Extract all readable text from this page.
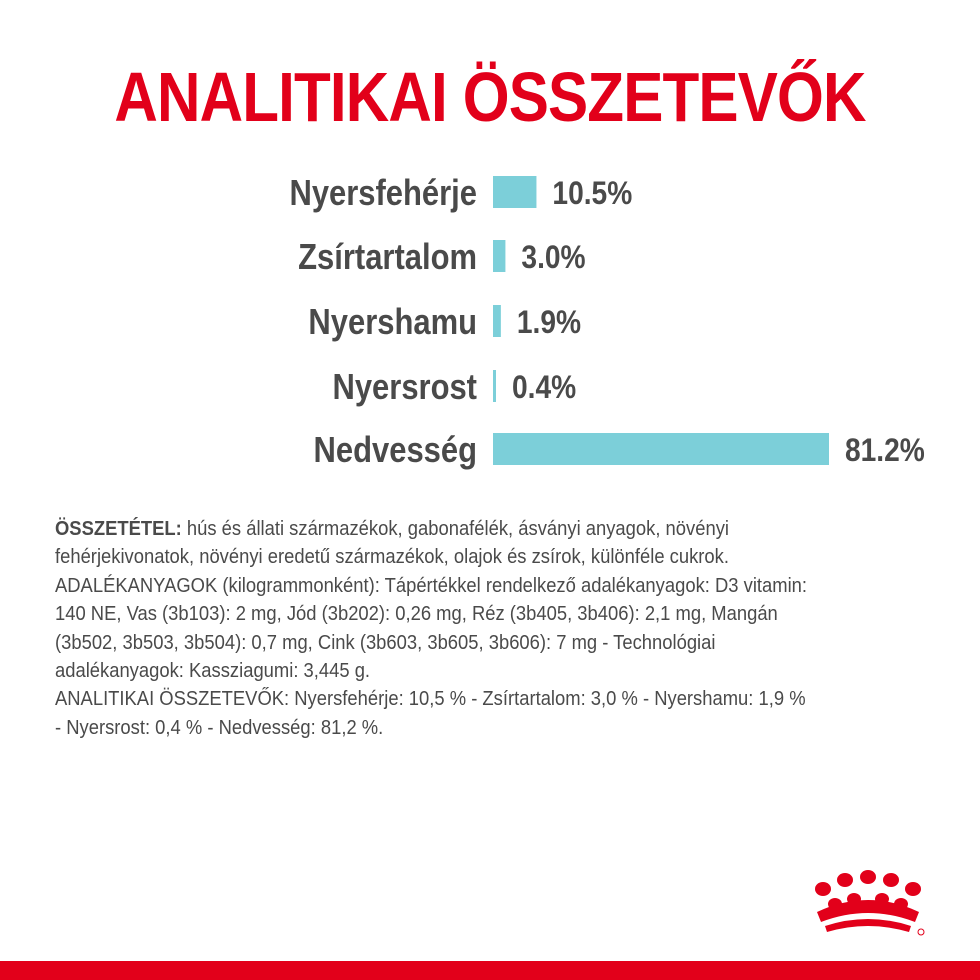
ANALITIKAI ÖSSZETEVŐK
Nyersfehérje 10.5%
Zsírtartalom 3.0%
Nyershamu 1.9%
Nyersrost 0.4%
Nedvesség	81.2%
ÖSSZETÉTEL: hús és állati származékok, gabonafélék, ásványi anyagok, növényi
fehérjekivonatok, növényi eredetű származékok, olajok és zsírok, különféle cukrok.
ADALÉKANYAGOK (kilogrammonként): Tápértékkel rendelkező adalékanyagok: D3 vitamin:
140 NE, Vas (3b103): 2 mg, Jód (3b202): 0,26 mg, Réz (3b405, 3b406): 2,1 mg, Mangán
(3b502, 3b503, 3b504): 0,7 mg, Cink (3b603, 3b605, 3b606): 7 mg - Technológiai
adalékanyagok: Kassziagumi: 3,445 g.
ANALITIKAI ÖSSZETEVŐK: Nyersfehérje: 10,5 % - Zsírtartalom: 3,0 % - Nyershamu: 1,9 %
- Nyersrost: 0,4 % - Nedvesség: 81,2 %.
